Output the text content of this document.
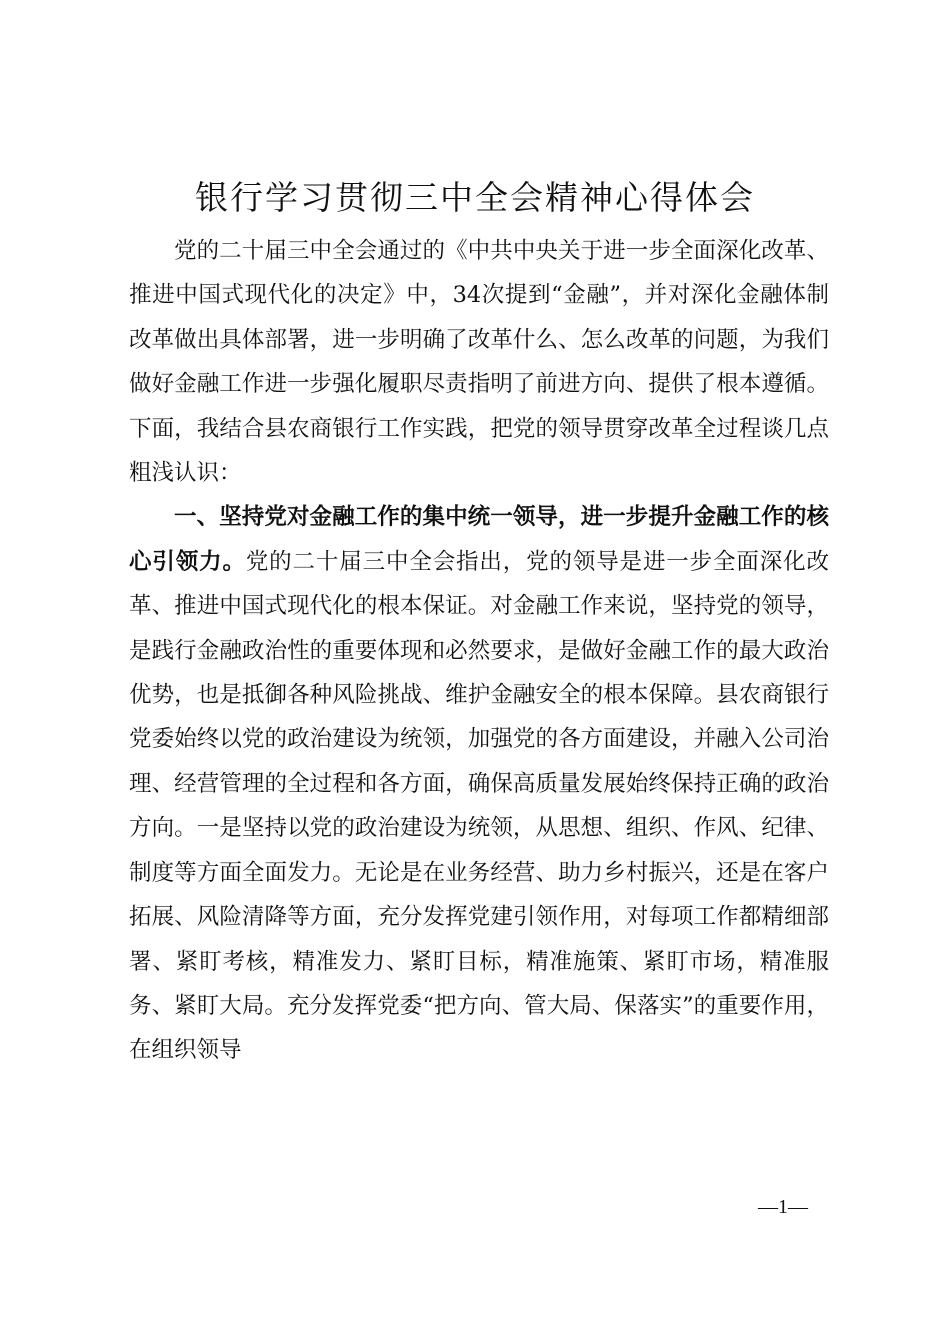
银行学习贯彻三中全会精神心得体会

党的二十届三中全会通过的《中共中央关于进一步全面深化改革、推进中国式现代化的决定》中，34次提到“金融”，并对深化金融体制改革做出具体部署，进一步明确了改革什么、怎么改革的问题，为我们做好金融工作进一步强化履职尽责指明了前进方向、提供了根本遵循。下面，我结合县农商银行工作实践，把党的领导贯穿改革全过程谈几点粗浅认识：

一、坚持党对金融工作的集中统一领导，进一步提升金融工作的核心引领力。党的二十届三中全会指出，党的领导是进一步全面深化改革、推进中国式现代化的根本保证。对金融工作来说，坚持党的领导，是践行金融政治性的重要体现和必然要求，是做好金融工作的最大政治优势，也是抵御各种风险挑战、维护金融安全的根本保障。县农商银行党委始终以党的政治建设为统领，加强党的各方面建设，并融入公司治理、经营管理的全过程和各方面，确保高质量发展始终保持正确的政治方向。一是坚持以党的政治建设为统领，从思想、组织、作风、纪律、制度等方面全面发力。无论是在业务经营、助力乡村振兴，还是在客户拓展、风险清降等方面，充分发挥党建引领作用，对每项工作都精细部署、紧盯考核，精准发力、紧盯目标，精准施策、紧盯市场，精准服务、紧盯大局。充分发挥党委“把方向、管大局、保落实”的重要作用，在组织领导

—1—
